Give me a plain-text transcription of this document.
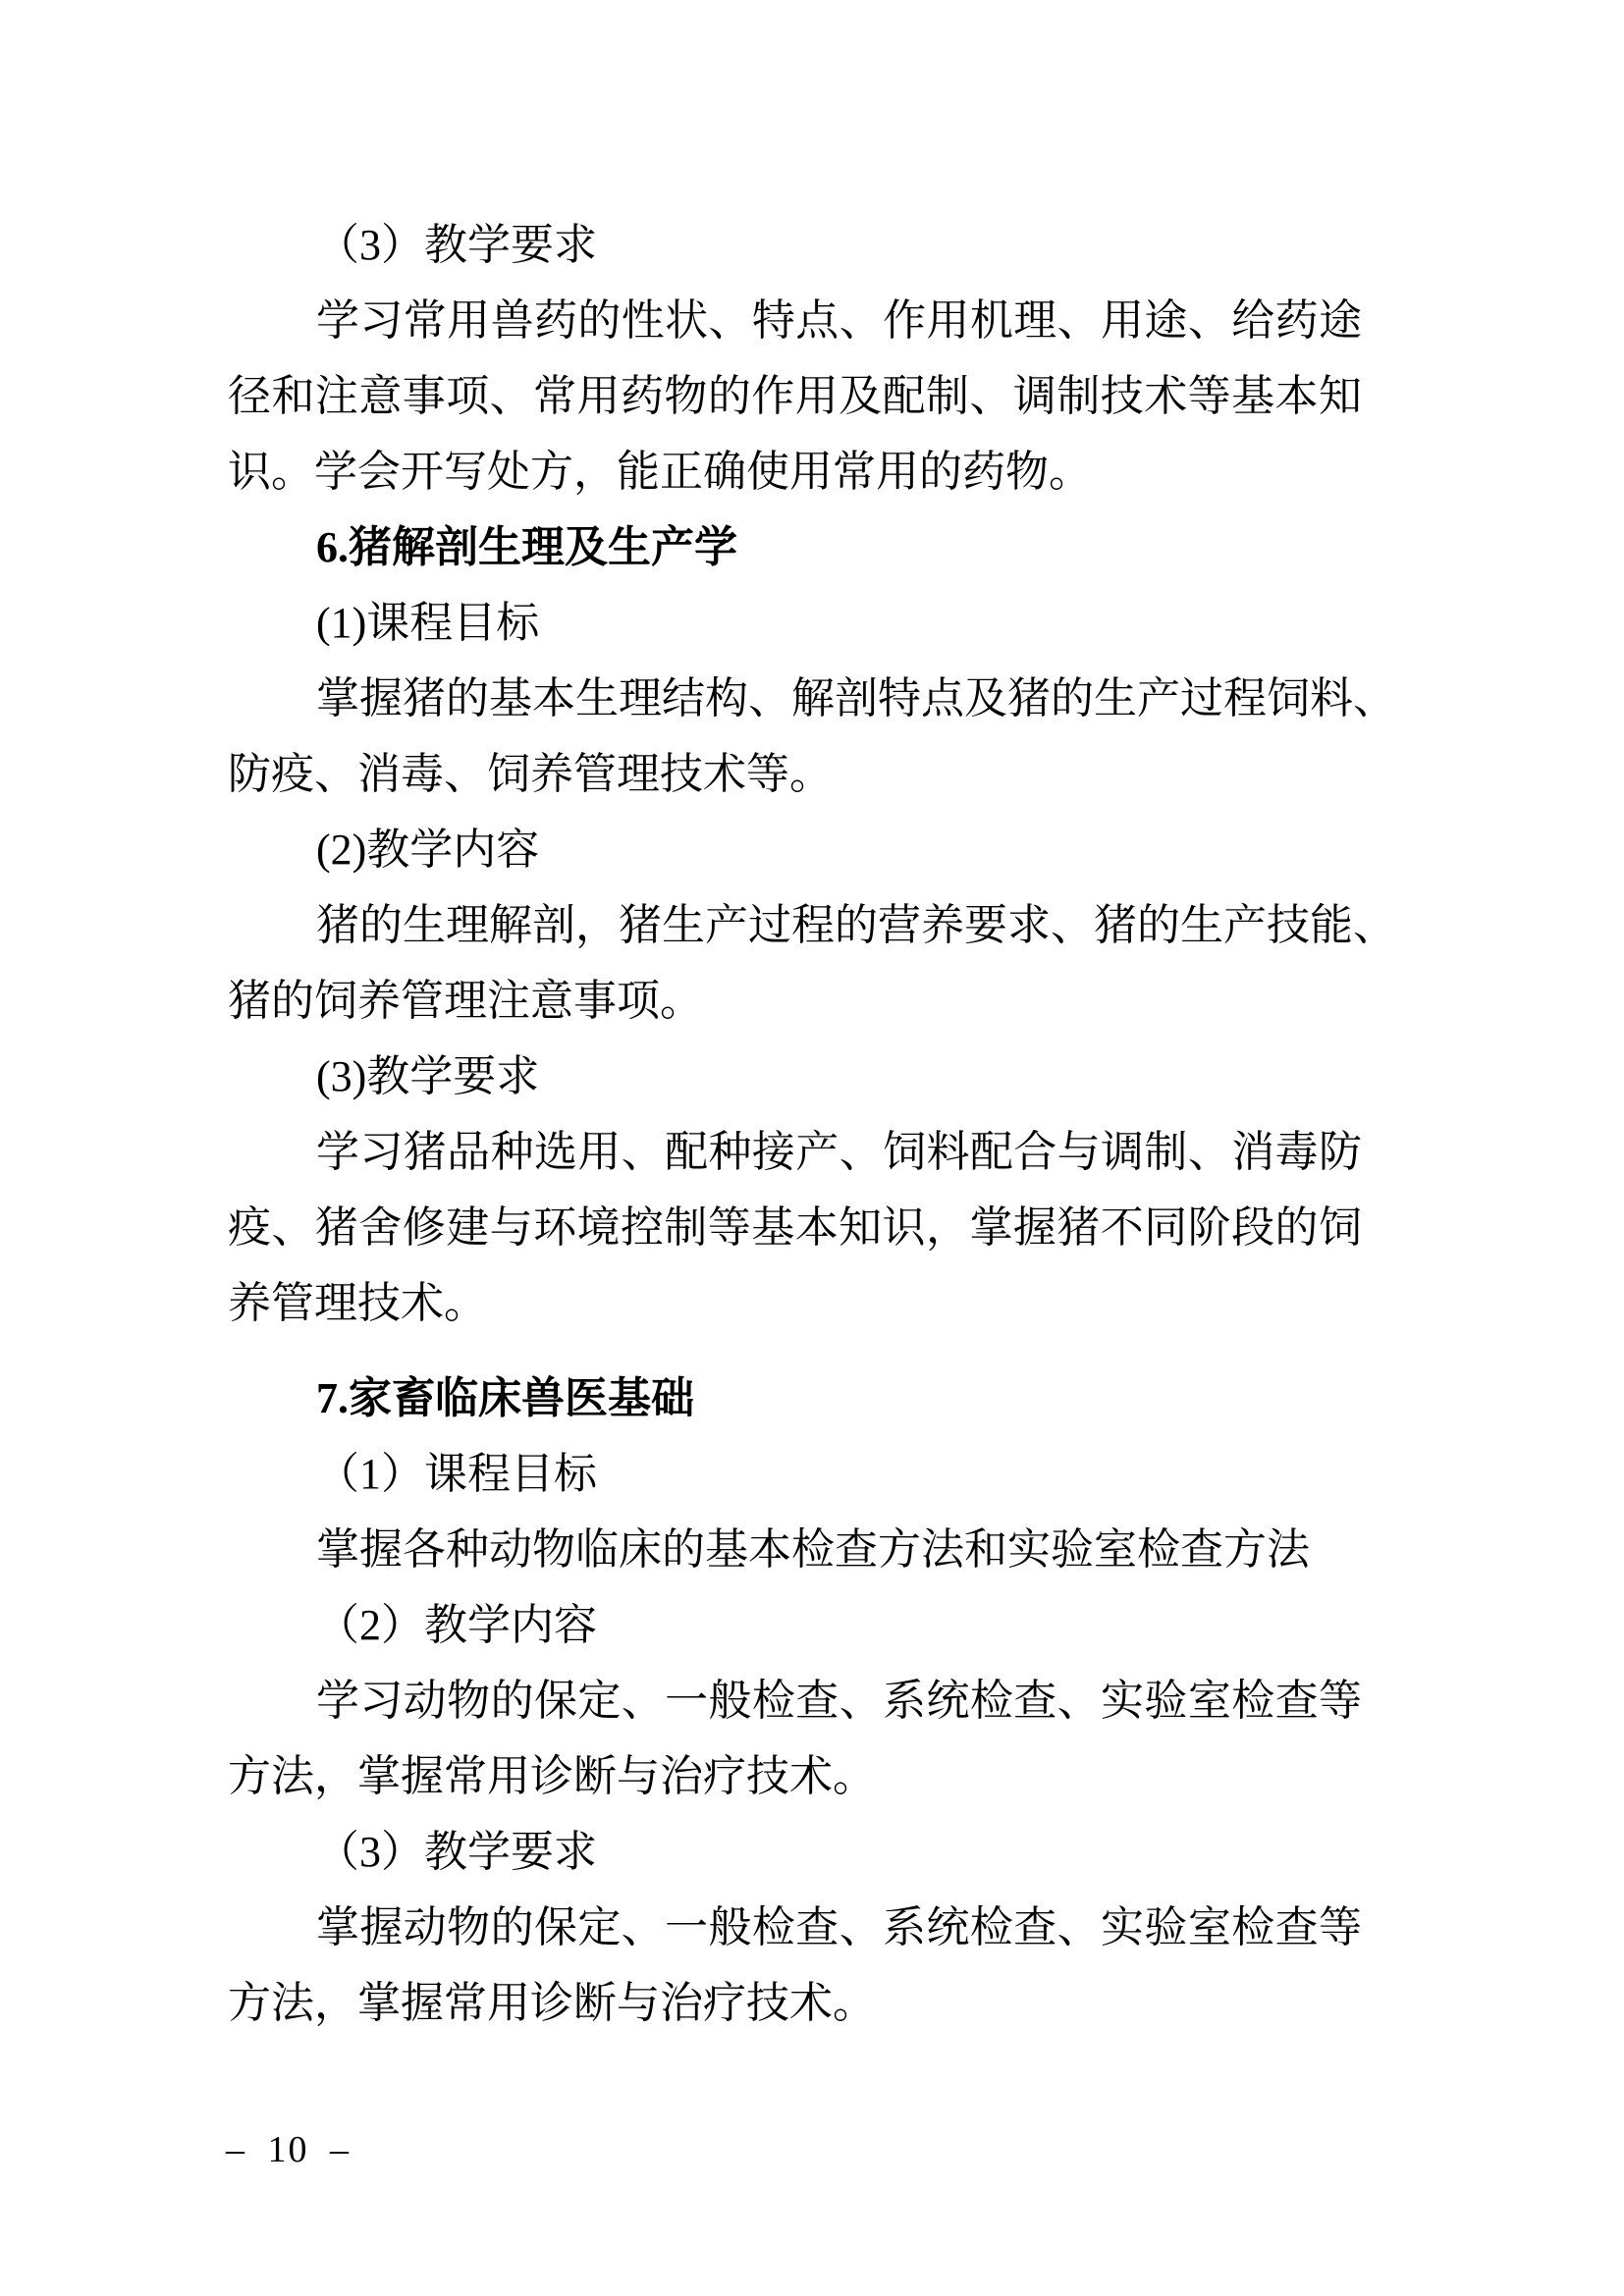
（3）教学要求
学习常用兽药的性状、特点、作用机理、用途、给药途
径和注意事项、常用药物的作用及配制、调制技术等基本知
识。学会开写处方，能正确使用常用的药物。
6.猪解剖生理及生产学
(1)课程目标
掌握猪的基本生理结构、解剖特点及猪的生产过程饲料、
防疫、消毒、饲养管理技术等。
(2)教学内容
猪的生理解剖，猪生产过程的营养要求、猪的生产技能、
猪的饲养管理注意事项。
(3)教学要求
学习猪品种选用、配种接产、饲料配合与调制、消毒防
疫、猪舍修建与环境控制等基本知识，掌握猪不同阶段的饲
养管理技术。
7.家畜临床兽医基础
（1）课程目标
掌握各种动物临床的基本检查方法和实验室检查方法
（2）教学内容
学习动物的保定、一般检查、系统检查、实验室检查等
方法，掌握常用诊断与治疗技术。
（3）教学要求
掌握动物的保定、一般检查、系统检查、实验室检查等
方法，掌握常用诊断与治疗技术。
– 10 –
